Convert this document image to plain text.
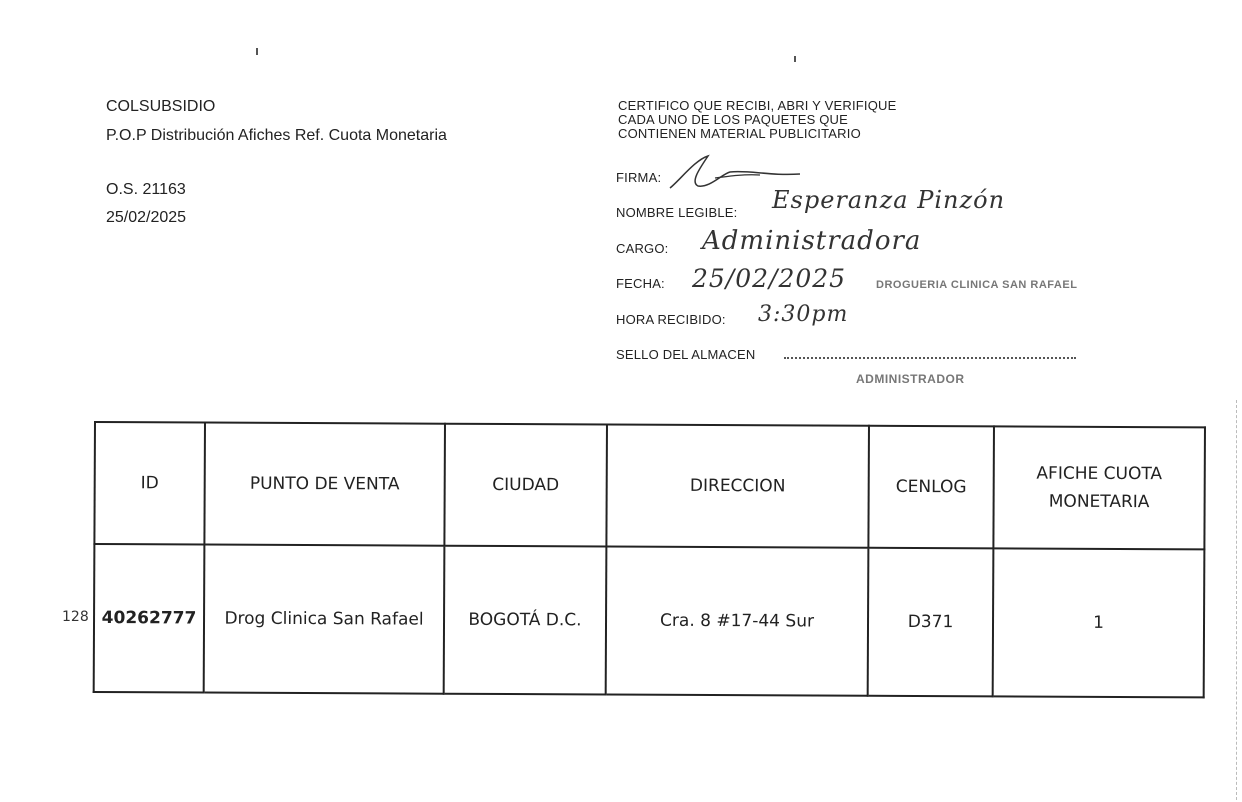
COLSUBSIDIO
P.O.P Distribución Afiches Ref. Cuota Monetaria
O.S. 21163
25/02/2025
CERTIFICO QUE RECIBI, ABRI Y VERIFIQUE
CADA UNO DE LOS PAQUETES QUE
CONTIENEN MATERIAL PUBLICITARIO
FIRMA:
NOMBRE LEGIBLE: Esperanza Pinzón
CARGO: Administradora
FECHA: 25/02/2025	DROGUERIA CLINICA SAN RAFAEL
HORA RECIBIDO: 3:30pm
SELLO DEL ALMACEN
ADMINISTRADOR
128
ID	PUNTO DE VENTA	CIUDAD	DIRECCION	CENLOG	AFICHE CUOTA MONETARIA
40262777	Drog Clinica San Rafael	BOGOTÁ D.C.	Cra. 8 #17-44 Sur	D371	1
